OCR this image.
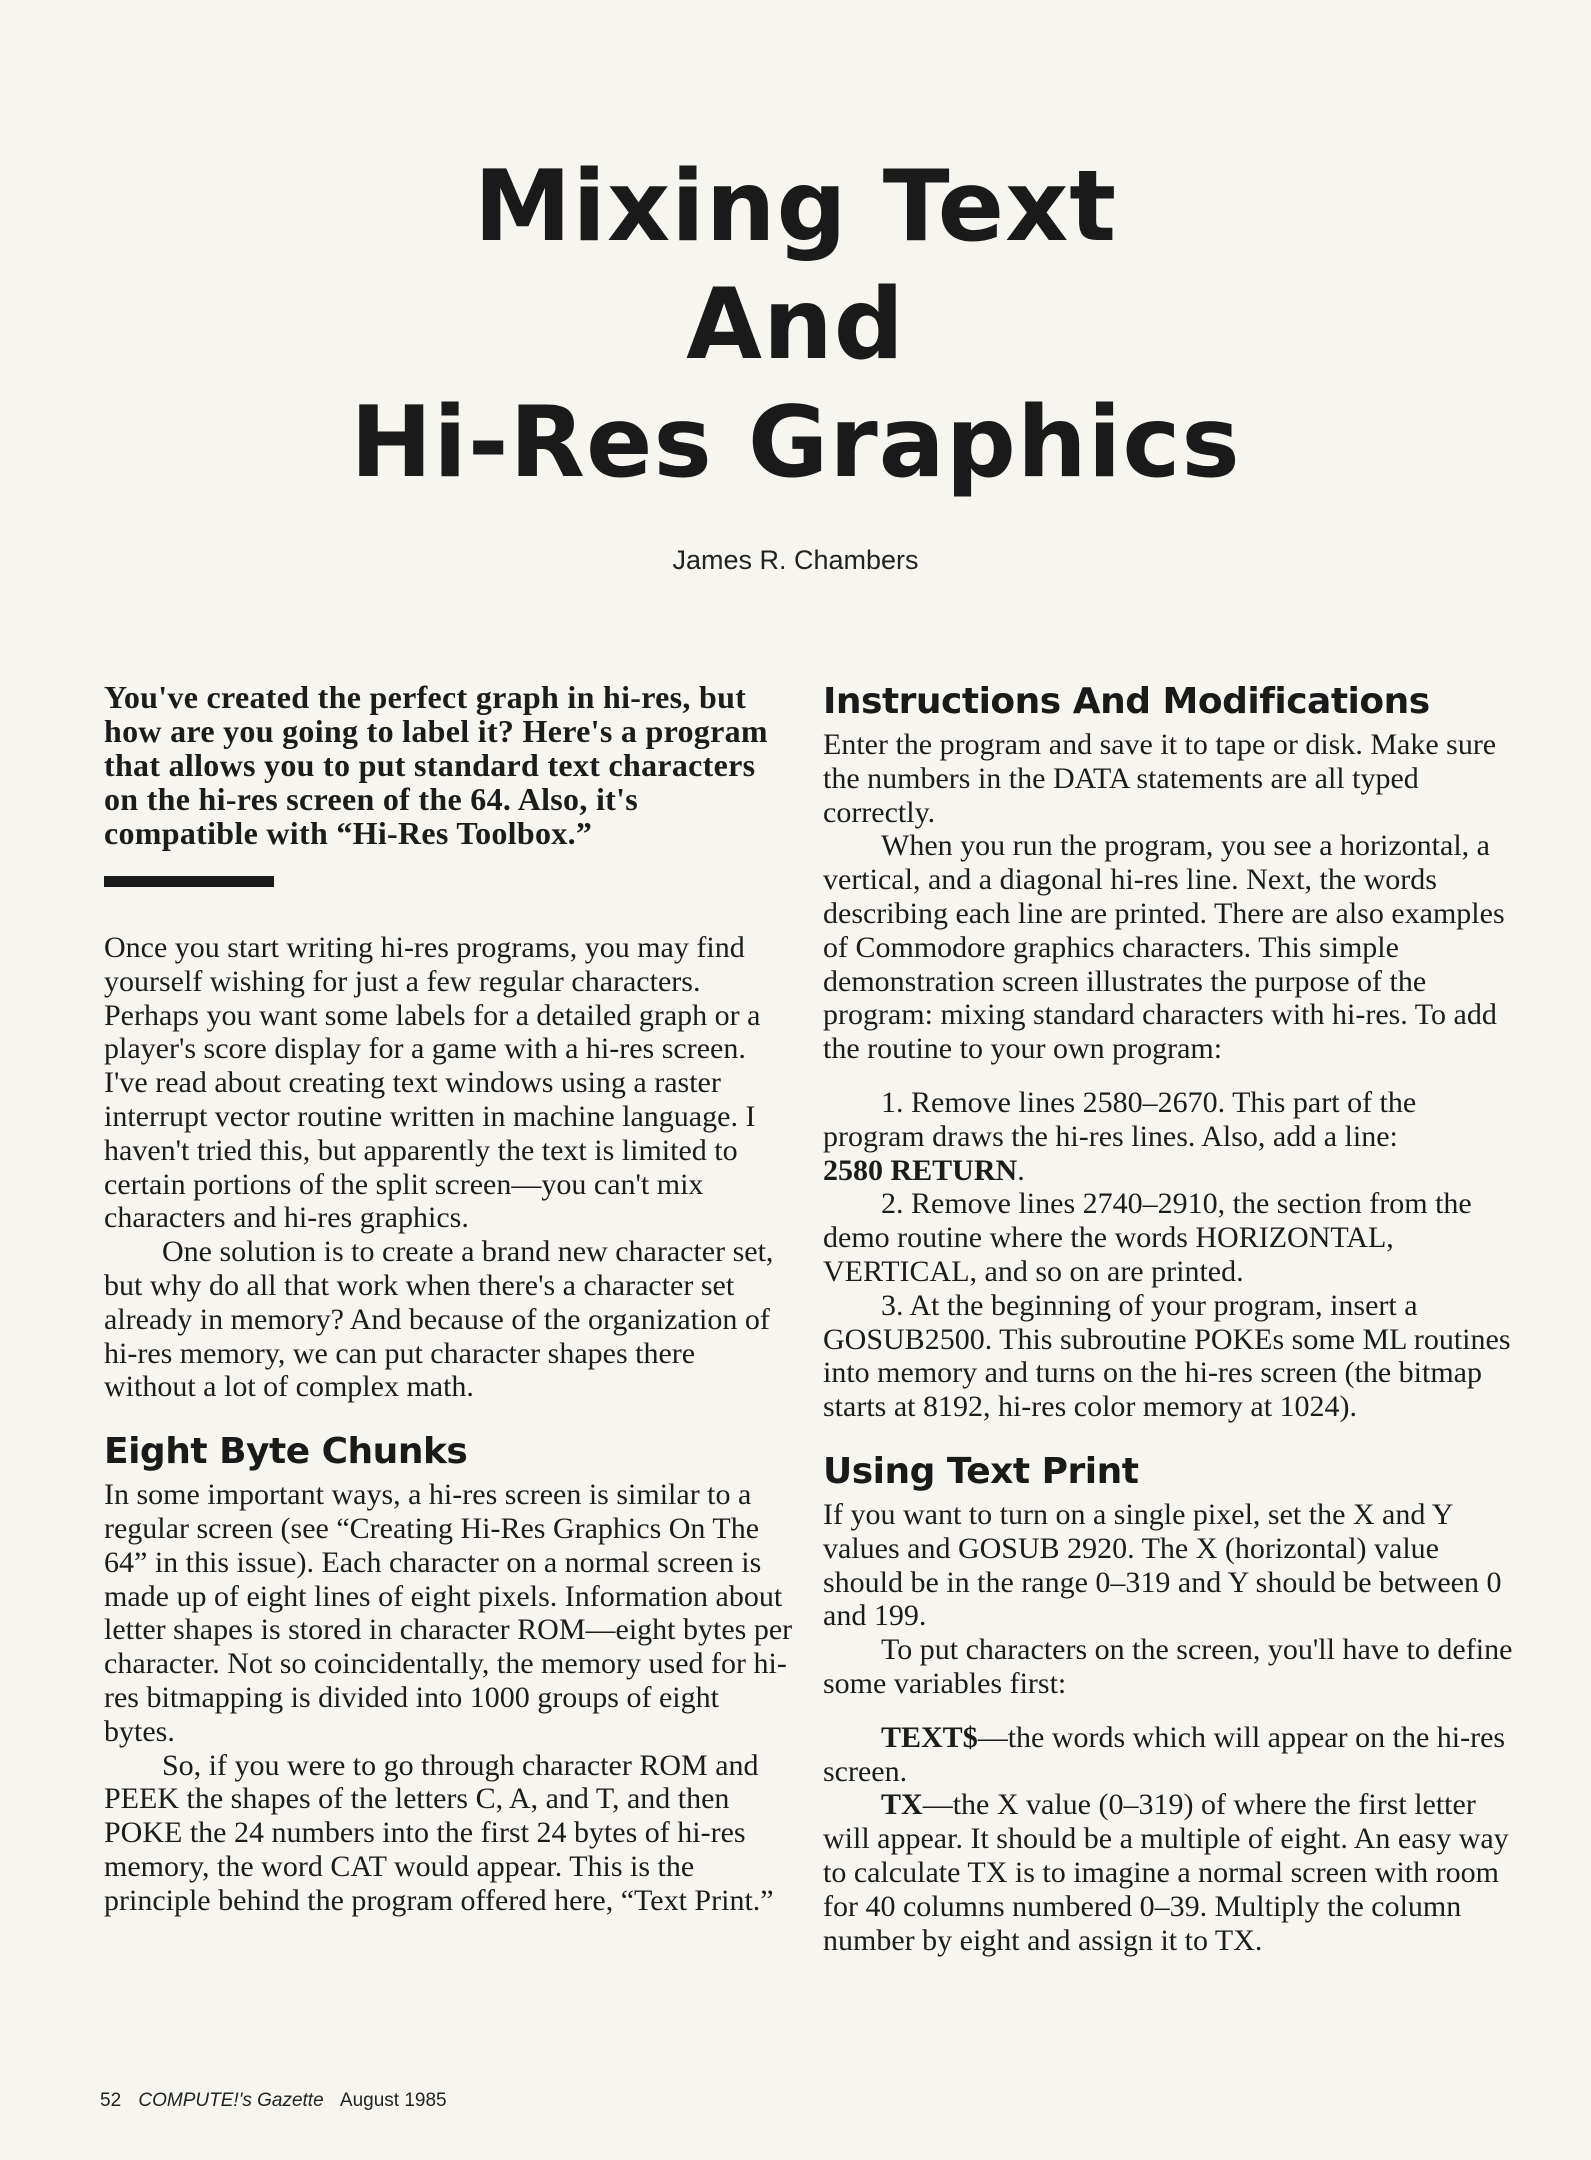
Mixing Text
And
Hi-Res Graphics
James R. Chambers
You've created the perfect graph in hi-res, but how are you going to label it? Here's a program that allows you to put standard text characters on the hi-res screen of the 64. Also, it's compatible with “Hi-Res Toolbox.”

Once you start writing hi-res programs, you may find yourself wishing for just a few regular characters. Perhaps you want some labels for a detailed graph or a player's score display for a game with a hi-res screen. I've read about creating text windows using a raster interrupt vector routine written in machine language. I haven't tried this, but apparently the text is limited to certain portions of the split screen—you can't mix characters and hi-res graphics.

One solution is to create a brand new character set, but why do all that work when there's a character set already in memory? And because of the organization of hi-res memory, we can put character shapes there without a lot of complex math.

Eight Byte Chunks

In some important ways, a hi-res screen is similar to a regular screen (see “Creating Hi-Res Graphics On The 64” in this issue). Each character on a normal screen is made up of eight lines of eight pixels. Information about letter shapes is stored in character ROM—eight bytes per character. Not so coincidentally, the memory used for hi-res bitmapping is divided into 1000 groups of eight bytes.

So, if you were to go through character ROM and PEEK the shapes of the letters C, A, and T, and then POKE the 24 numbers into the first 24 bytes of hi-res memory, the word CAT would appear. This is the principle behind the program offered here, “Text Print.”

Instructions And Modifications

Enter the program and save it to tape or disk. Make sure the numbers in the DATA statements are all typed correctly.

When you run the program, you see a horizontal, a vertical, and a diagonal hi-res line. Next, the words describing each line are printed. There are also examples of Commodore graphics characters. This simple demonstration screen illustrates the purpose of the program: mixing standard characters with hi-res. To add the routine to your own program:

1. Remove lines 2580–2670. This part of the program draws the hi-res lines. Also, add a line:
2580 RETURN.

2. Remove lines 2740–2910, the section from the demo routine where the words HORIZONTAL, VERTICAL, and so on are printed.

3. At the beginning of your program, insert a GOSUB2500. This subroutine POKEs some ML routines into memory and turns on the hi-res screen (the bitmap starts at 8192, hi-res color memory at 1024).

Using Text Print

If you want to turn on a single pixel, set the X and Y values and GOSUB 2920. The X (horizontal) value should be in the range 0–319 and Y should be between 0 and 199.

To put characters on the screen, you'll have to define some variables first:

TEXT$—the words which will appear on the hi-res screen.

TX—the X value (0–319) of where the first letter will appear. It should be a multiple of eight. An easy way to calculate TX is to imagine a normal screen with room for 40 columns numbered 0–39. Multiply the column number by eight and assign it to TX.

52 COMPUTE!'s Gazette August 1985
